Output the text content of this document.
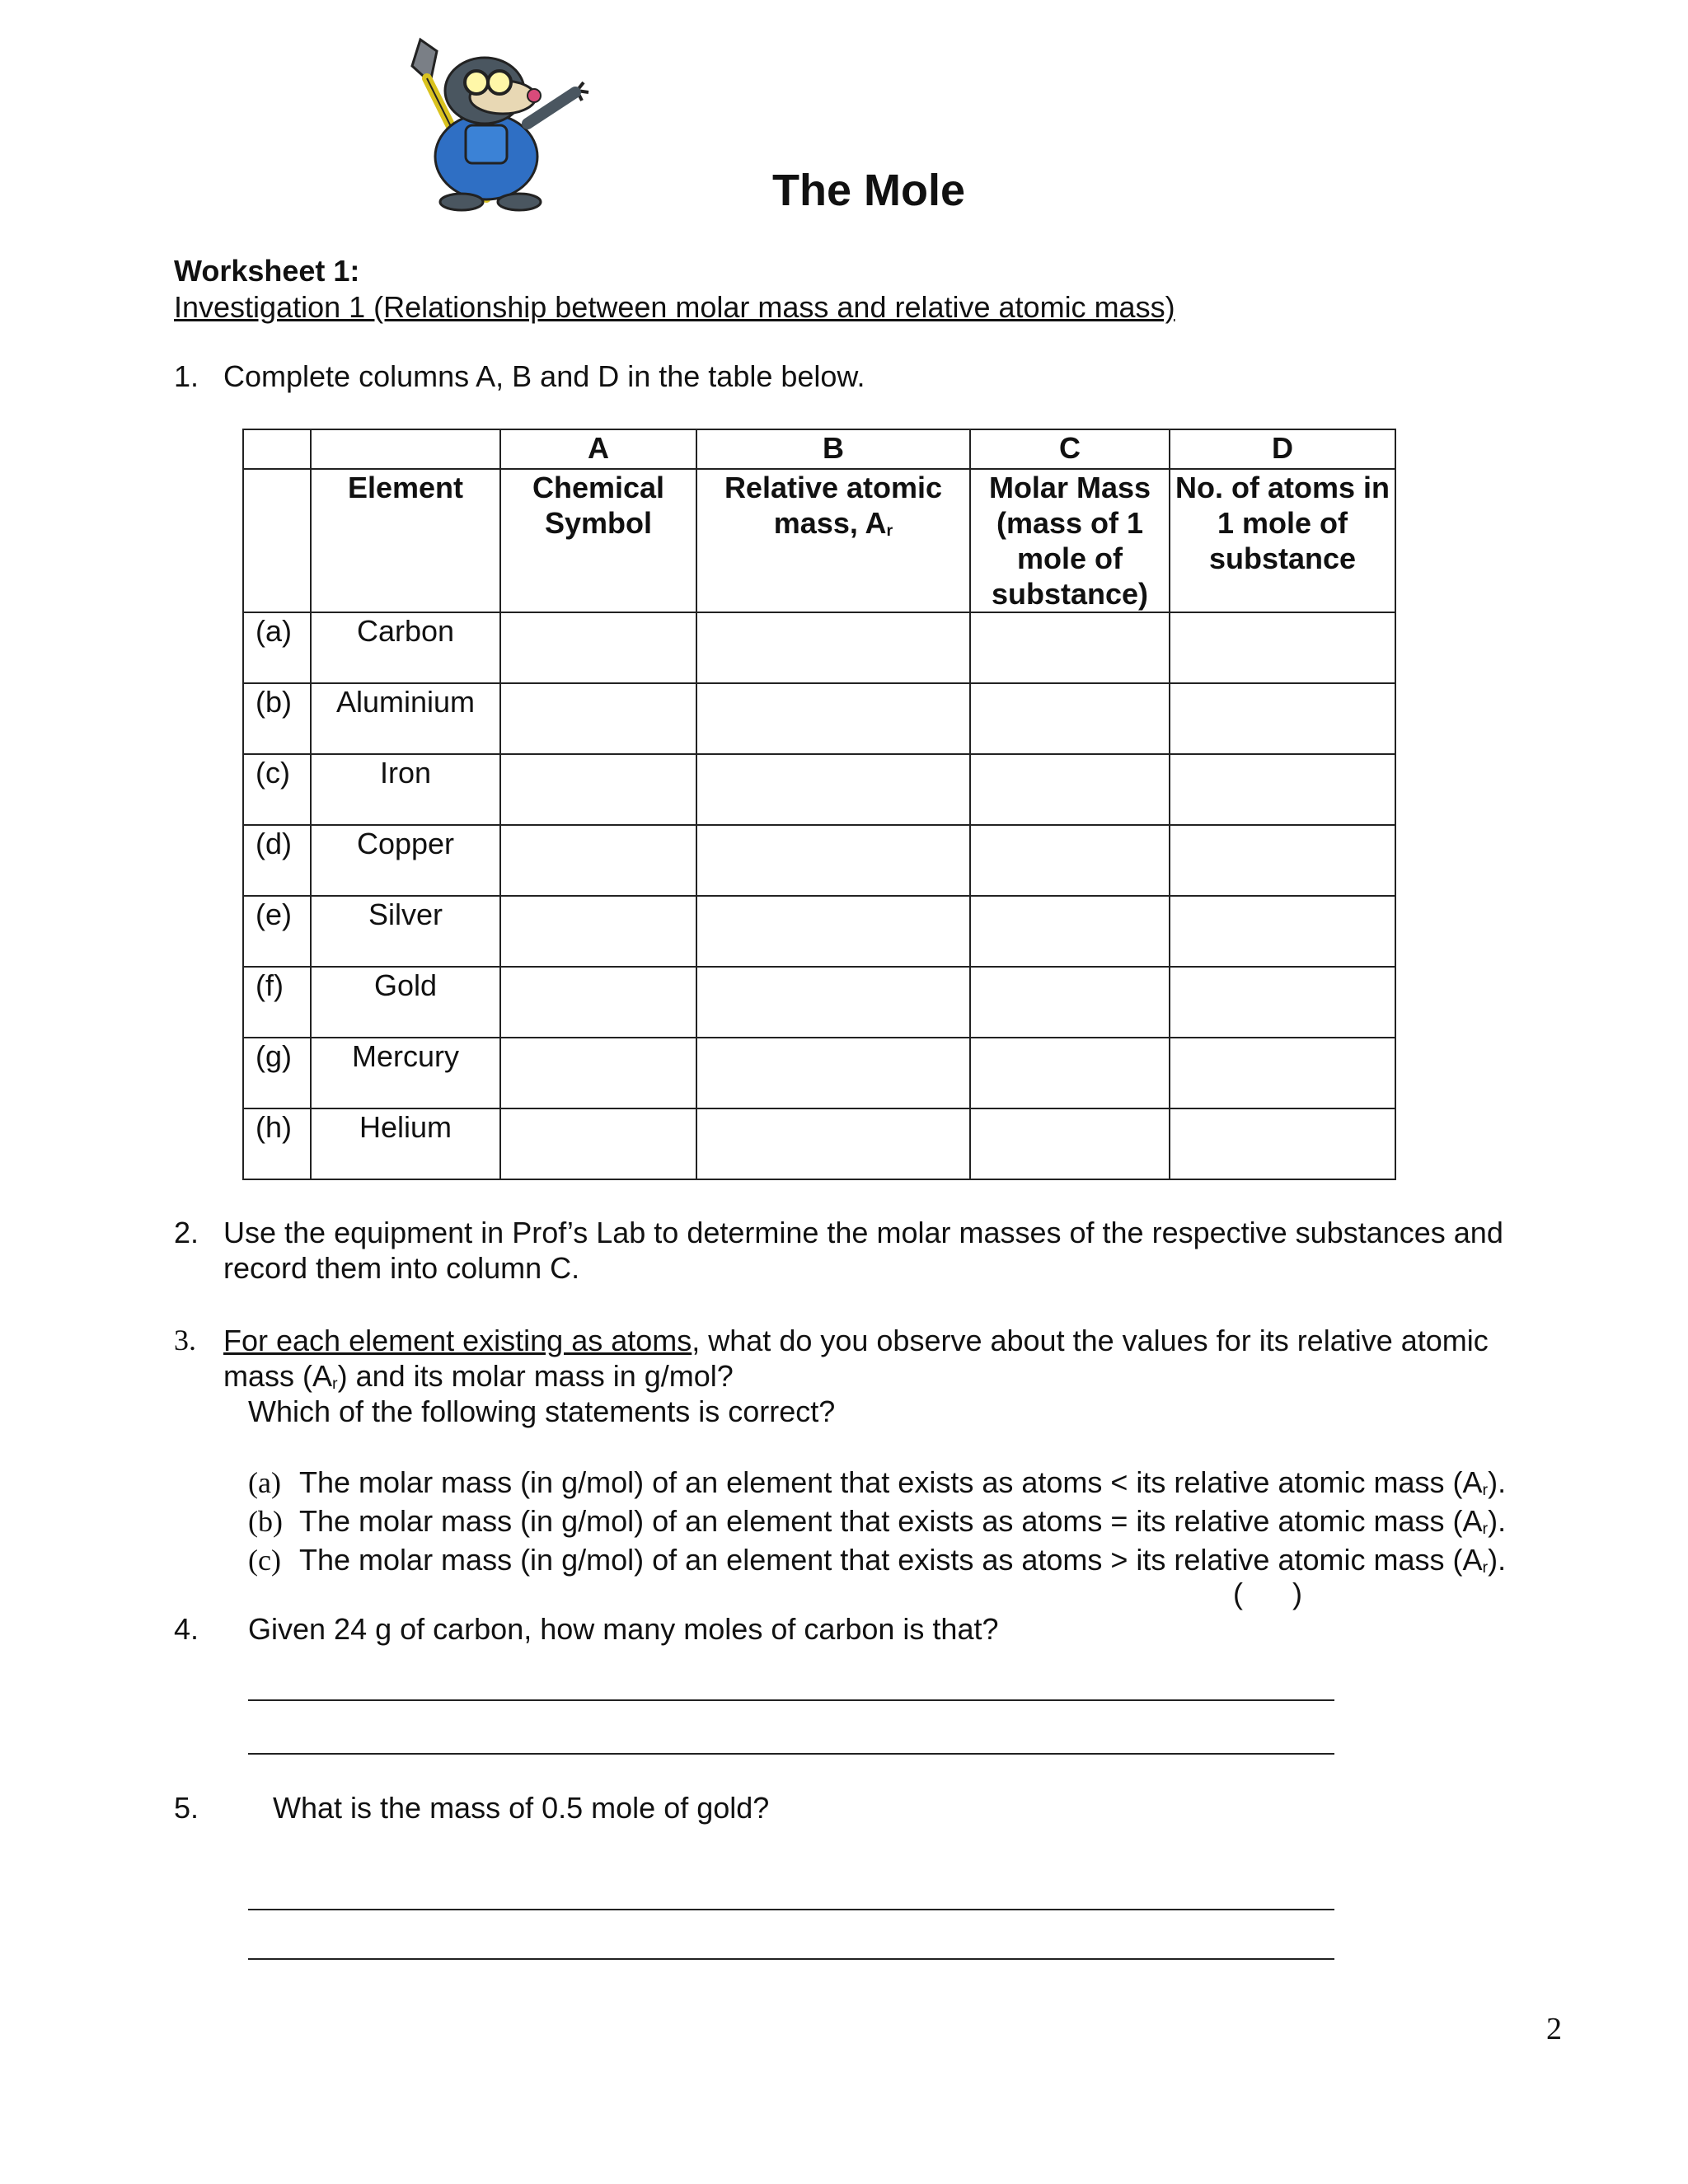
The Mole
Worksheet 1:
Investigation 1 (Relationship between molar mass and relative atomic mass)
1. Complete columns A, B and D in the table below.
		A	B	C	D
	Element	Chemical Symbol	Relative atomic mass, $A_r$	Molar Mass (mass of 1 mole of substance)	No. of atoms in 1 mole of substance
(a)	Carbon				
(b)	Aluminium				
(c)	Iron				
(d)	Copper				
(e)	Silver				
(f)	Gold				
(g)	Mercury				
(h)	Helium				
2. Use the equipment in Prof’s Lab to determine the molar masses of the respective substances and record them into column C.
3. For each element existing as atoms, what do you observe about the values for its relative atomic mass $(A_r)$ and its molar mass in g/mol?
Which of the following statements is correct?
(a) The molar mass (in g/mol) of an element that exists as atoms < its relative atomic mass $(A_r)$.
(b) The molar mass (in g/mol) of an element that exists as atoms = its relative atomic mass $(A_r)$.
(c) The molar mass (in g/mol) of an element that exists as atoms > its relative atomic mass $(A_r)$.
(      )
4. Given 24 g of carbon, how many moles of carbon is that?
5. What is the mass of 0.5 mole of gold?
2
